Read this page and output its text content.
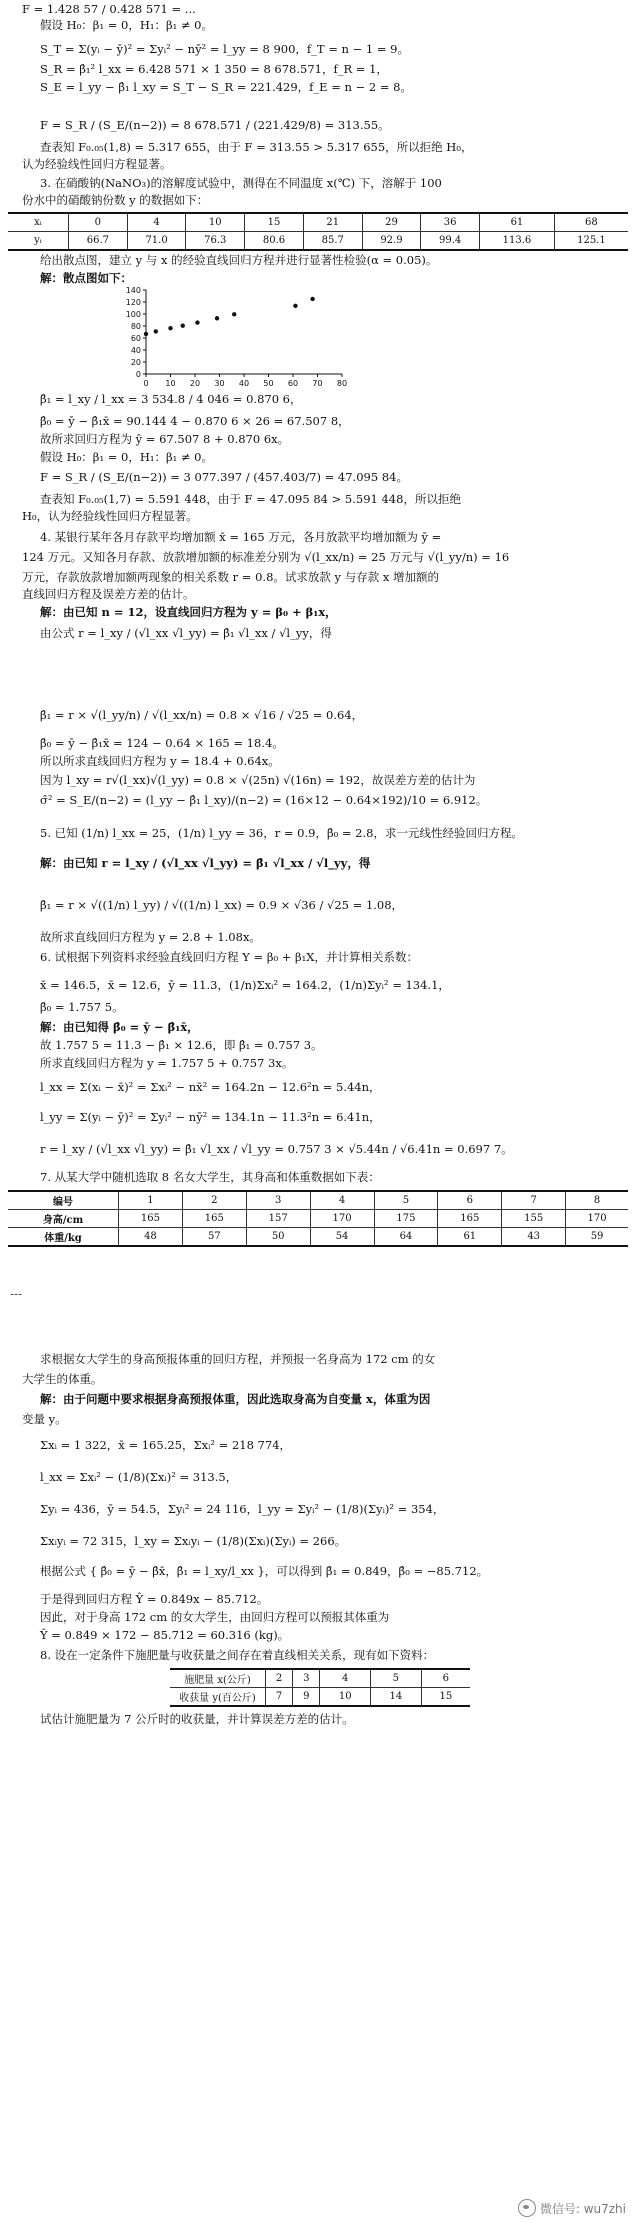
F = 1.428 57 / 0.428 571 = ...
假设 H₀：β₁ = 0，H₁：β₁ ≠ 0。
S_T = Σ(yᵢ − ȳ)² = Σyᵢ² − nȳ² = l_yy = 8 900，f_T = n − 1 = 9。
S_R = β̂₁² l_xx = 6.428 571 × 1 350 = 8 678.571，f_R = 1，
S_E = l_yy − β̂₁ l_xy = S_T − S_R = 221.429，f_E = n − 2 = 8。
F = S_R / (S_E/(n−2)) = 8 678.571 / (221.429/8) = 313.55。
查表知 F₀.₀₅(1,8) = 5.317 655，由于 F = 313.55 > 5.317 655，所以拒绝 H₀，
认为经验线性回归方程显著。
3. 在硝酸钠(NaNO₃)的溶解度试验中，测得在不同温度 x(℃) 下，溶解于 100
份水中的硝酸钠份数 y 的数据如下：
xᵢ	0	4	10	15	21	29	36	61	68
yᵢ	66.7	71.0	76.3	80.6	85.7	92.9	99.4	113.6	125.1
给出散点图，建立 y 与 x 的经验直线回归方程并进行显著性检验(α = 0.05)。
解：散点图如下：
0 10 20 30 40 50 60 70 80
0
20
40
60
80
100
120
140
β̂₁ = l_xy / l_xx = 3 534.8 / 4 046 = 0.870 6，
β̂₀ = ȳ − β̂₁x̄ = 90.144 4 − 0.870 6 × 26 = 67.507 8，
故所求回归方程为 ŷ = 67.507 8 + 0.870 6x。
假设 H₀：β₁ = 0，H₁：β₁ ≠ 0。
F = S_R / (S_E/(n−2)) = 3 077.397 / (457.403/7) = 47.095 84。
查表知 F₀.₀₅(1,7) = 5.591 448，由于 F = 47.095 84 > 5.591 448，所以拒绝
H₀，认为经验线性回归方程显著。
4. 某银行某年各月存款平均增加额 x̄ = 165 万元，各月放款平均增加额为 ȳ =
124 万元。又知各月存款、放款增加额的标准差分别为 √(l_xx/n) = 25 万元与 √(l_yy/n) = 16
万元，存款放款增加额两现象的相关系数 r = 0.8。试求放款 y 与存款 x 增加额的
直线回归方程及误差方差的估计。
解：由已知 n = 12，设直线回归方程为 y = β₀ + β₁x，
由公式 r = l_xy / (√l_xx √l_yy) = β̂₁ √l_xx / √l_yy，得
β̂₁ = r × √(l_yy/n) / √(l_xx/n) = 0.8 × √16 / √25 = 0.64，
β̂₀ = ȳ − β̂₁x̄ = 124 − 0.64 × 165 = 18.4。
所以所求直线回归方程为 y = 18.4 + 0.64x。
因为 l_xy = r√(l_xx)√(l_yy) = 0.8 × √(25n) √(16n) = 192，故误差方差的估计为
σ̂² = S_E/(n−2) = (l_yy − β̂₁ l_xy)/(n−2) = (16×12 − 0.64×192)/10 = 6.912。
5. 已知 (1/n) l_xx = 25，(1/n) l_yy = 36，r = 0.9，β̂₀ = 2.8，求一元线性经验回归方程。
解：由已知 r = l_xy / (√l_xx √l_yy) = β̂₁ √l_xx / √l_yy，得
β̂₁ = r × √((1/n) l_yy) / √((1/n) l_xx) = 0.9 × √36 / √25 = 1.08，
故所求直线回归方程为 y = 2.8 + 1.08x。
6. 试根据下列资料求经验直线回归方程 Y = β₀ + β₁X，并计算相关系数：
x̄ = 146.5，x̄ = 12.6，ȳ = 11.3，(1/n)Σxᵢ² = 164.2，(1/n)Σyᵢ² = 134.1，
β̂₀ = 1.757 5。
解：由已知得 β̂₀ = ȳ − β̂₁x̄，
故 1.757 5 = 11.3 − β̂₁ × 12.6，即 β̂₁ = 0.757 3。
所求直线回归方程为 y = 1.757 5 + 0.757 3x。
l_xx = Σ(xᵢ − x̄)² = Σxᵢ² − nx̄² = 164.2n − 12.6²n = 5.44n，
l_yy = Σ(yᵢ − ȳ)² = Σyᵢ² − nȳ² = 134.1n − 11.3²n = 6.41n，
r = l_xy / (√l_xx √l_yy) = β̂₁ √l_xx / √l_yy = 0.757 3 × √5.44n / √6.41n = 0.697 7。
7. 从某大学中随机选取 8 名女大学生，其身高和体重数据如下表：
编号	1	2	3	4	5	6	7	8
身高/cm	165	165	157	170	175	165	155	170
体重/kg	48	57	50	54	64	61	43	59
---
求根据女大学生的身高预报体重的回归方程，并预报一名身高为 172 cm 的女
大学生的体重。
解：由于问题中要求根据身高预报体重，因此选取身高为自变量 x，体重为因
变量 y。
Σxᵢ = 1 322，x̄ = 165.25，Σxᵢ² = 218 774，
l_xx = Σxᵢ² − (1/8)(Σxᵢ)² = 313.5，
Σyᵢ = 436，ȳ = 54.5，Σyᵢ² = 24 116，l_yy = Σyᵢ² − (1/8)(Σyᵢ)² = 354，
Σxᵢyᵢ = 72 315，l_xy = Σxᵢyᵢ − (1/8)(Σxᵢ)(Σyᵢ) = 266。
根据公式 { β̂₀ = ȳ − β̂x̄，β̂₁ = l_xy/l_xx }，可以得到 β̂₁ = 0.849，β̂₀ = −85.712。
于是得到回归方程 Ŷ = 0.849x − 85.712。
因此，对于身高 172 cm 的女大学生，由回归方程可以预报其体重为
Ŷ = 0.849 × 172 − 85.712 = 60.316 (kg)。
8. 设在一定条件下施肥量与收获量之间存在着直线相关关系，现有如下资料：
施肥量 x(公斤)	2	3	4	5	6
收获量 y(百公斤)	7	9	10	14	15
试估计施肥量为 7 公斤时的收获量，并计算误差方差的估计。
微信号: wu7zhi
